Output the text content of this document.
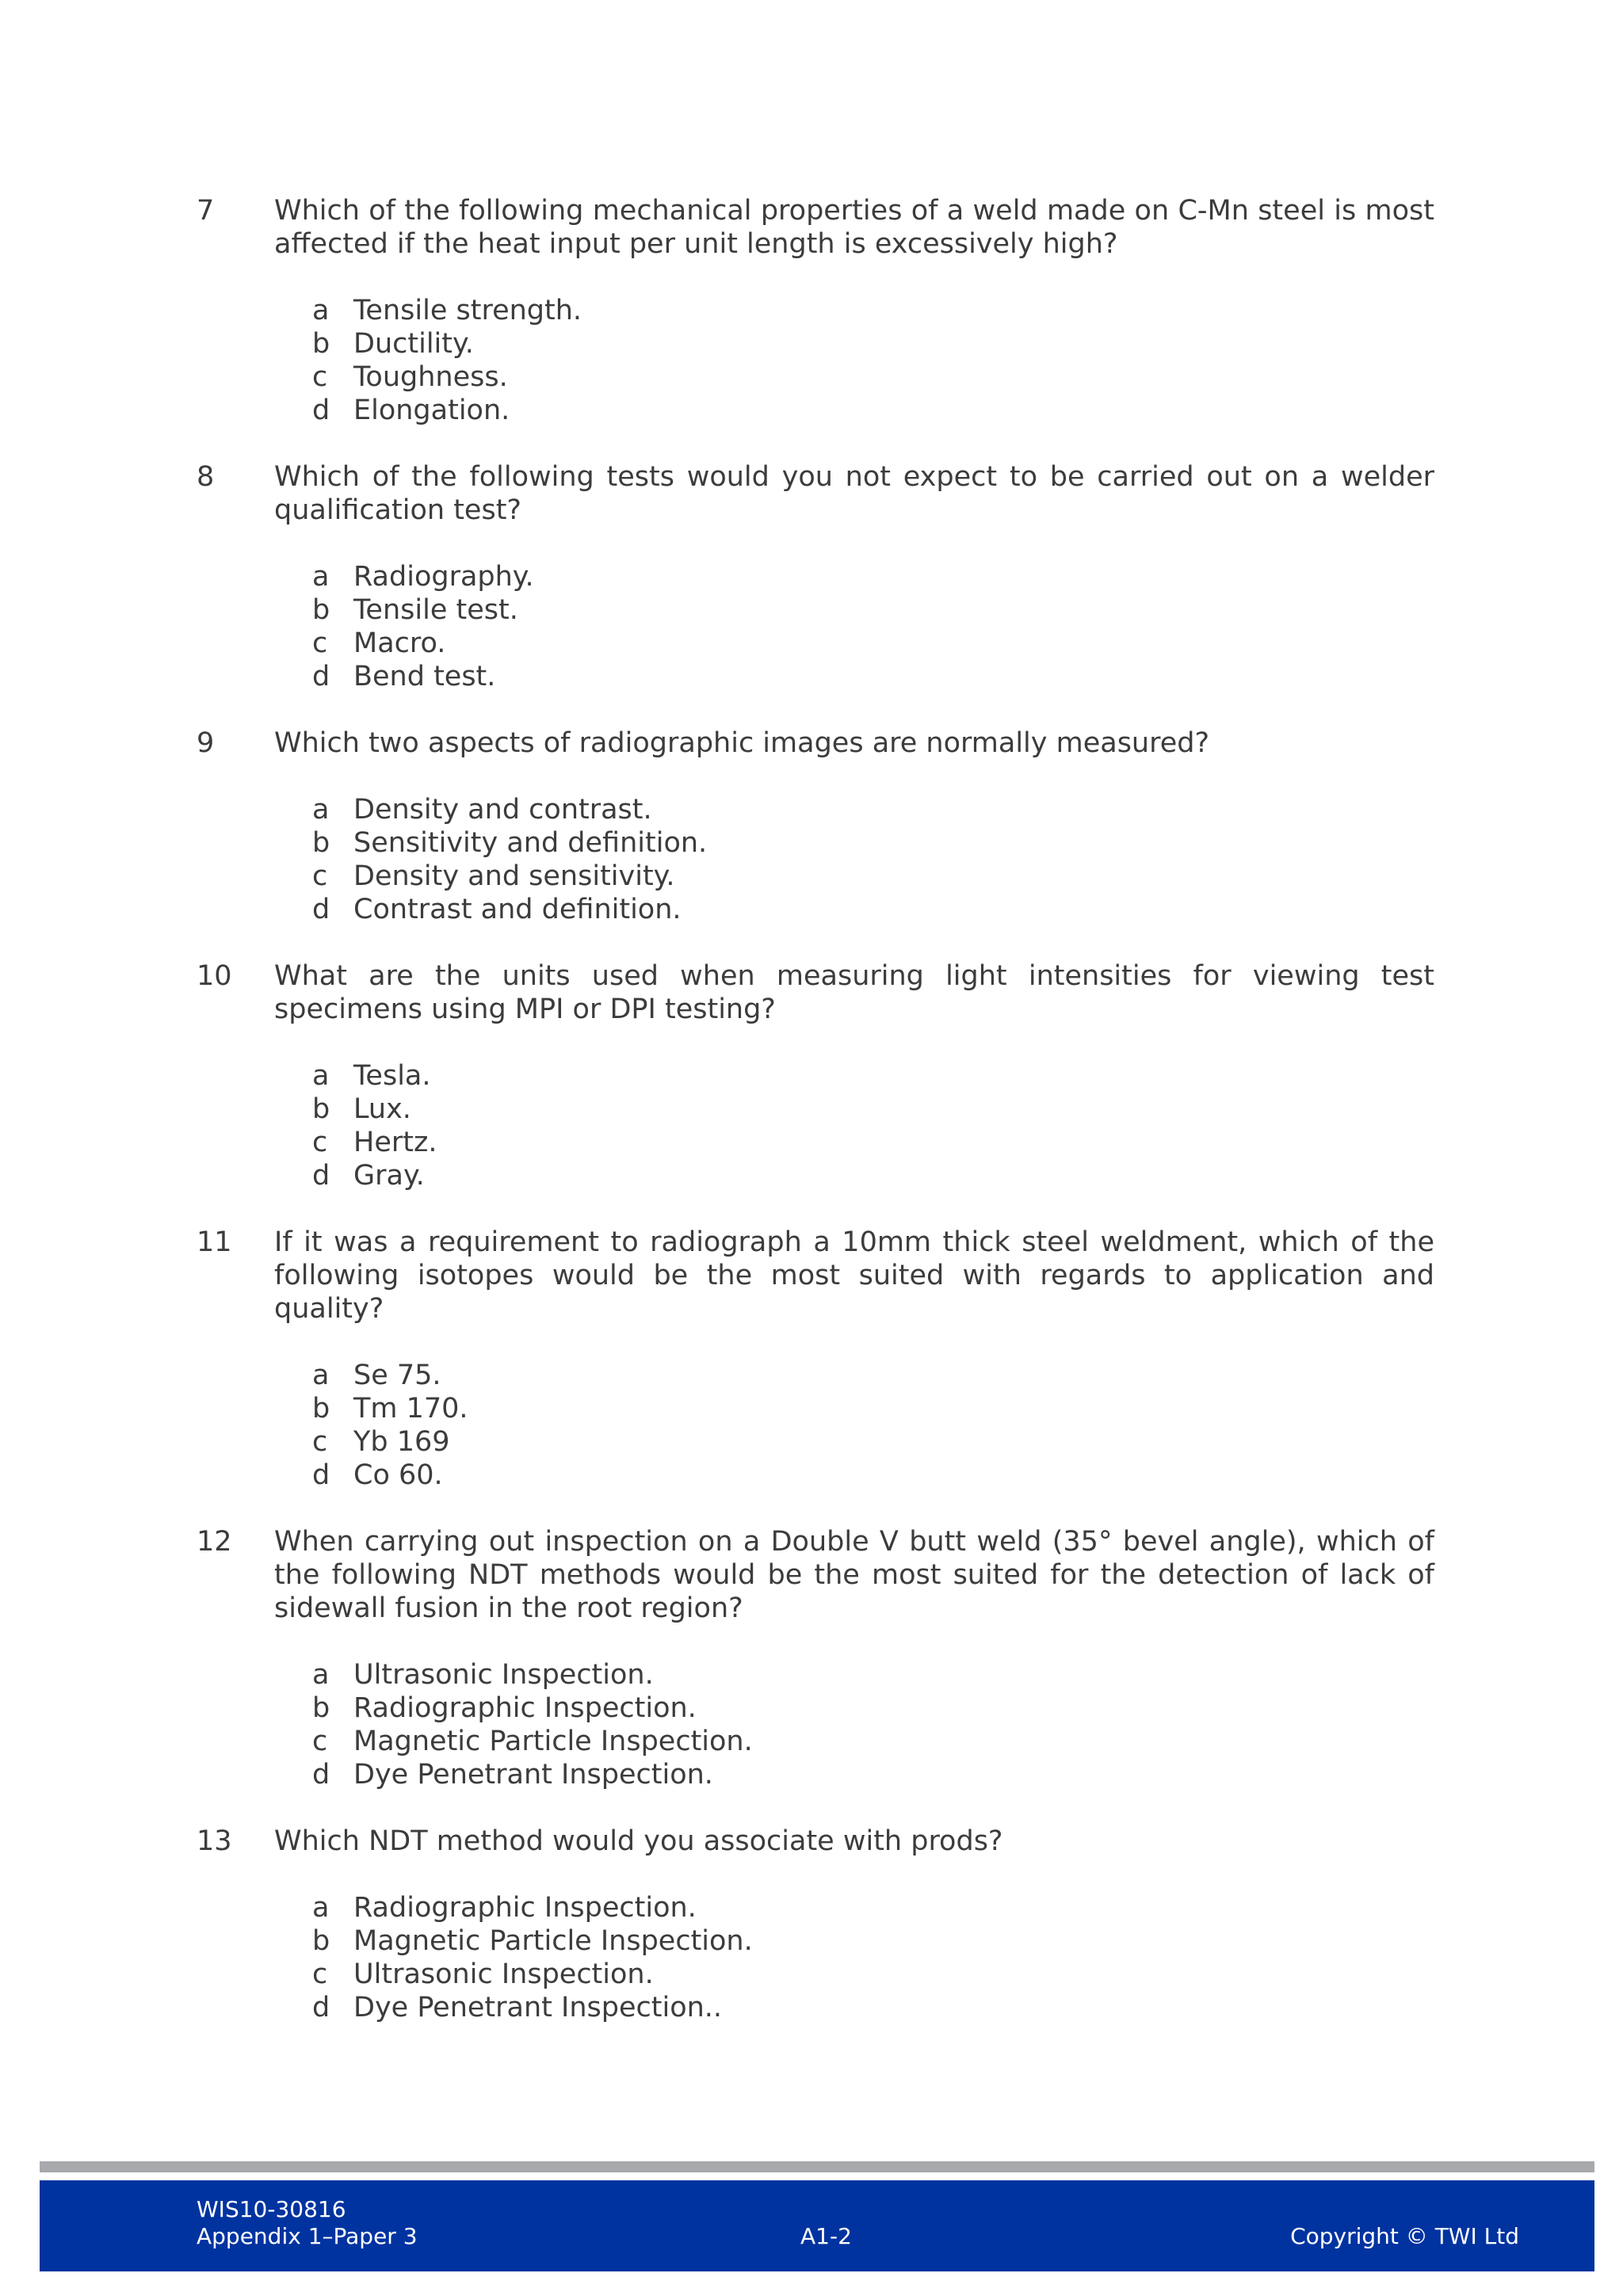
7	Which of the following mechanical properties of a weld made on C-Mn steel is most affected if the heat input per unit length is excessively high?
a Tensile strength.
b Ductility.
c Toughness.
d Elongation.
8	Which of the following tests would you not expect to be carried out on a welder qualification test?
a Radiography.
b Tensile test.
c Macro.
d Bend test.
9	Which two aspects of radiographic images are normally measured?
a Density and contrast.
b Sensitivity and definition.
c Density and sensitivity.
d Contrast and definition.
10	What are the units used when measuring light intensities for viewing test specimens using MPI or DPI testing?
a Tesla.
b Lux.
c Hertz.
d Gray.
11	If it was a requirement to radiograph a 10mm thick steel weldment, which of the following isotopes would be the most suited with regards to application and quality?
a Se 75.
b Tm 170.
c Yb 169
d Co 60.
12	When carrying out inspection on a Double V butt weld (35° bevel angle), which of the following NDT methods would be the most suited for the detection of lack of sidewall fusion in the root region?
a Ultrasonic Inspection.
b Radiographic Inspection.
c Magnetic Particle Inspection.
d Dye Penetrant Inspection.
13	Which NDT method would you associate with prods?
a Radiographic Inspection.
b Magnetic Particle Inspection.
c Ultrasonic Inspection.
d Dye Penetrant Inspection..
WIS10-30816
Appendix 1–Paper 3	A1-2	Copyright © TWI Ltd
